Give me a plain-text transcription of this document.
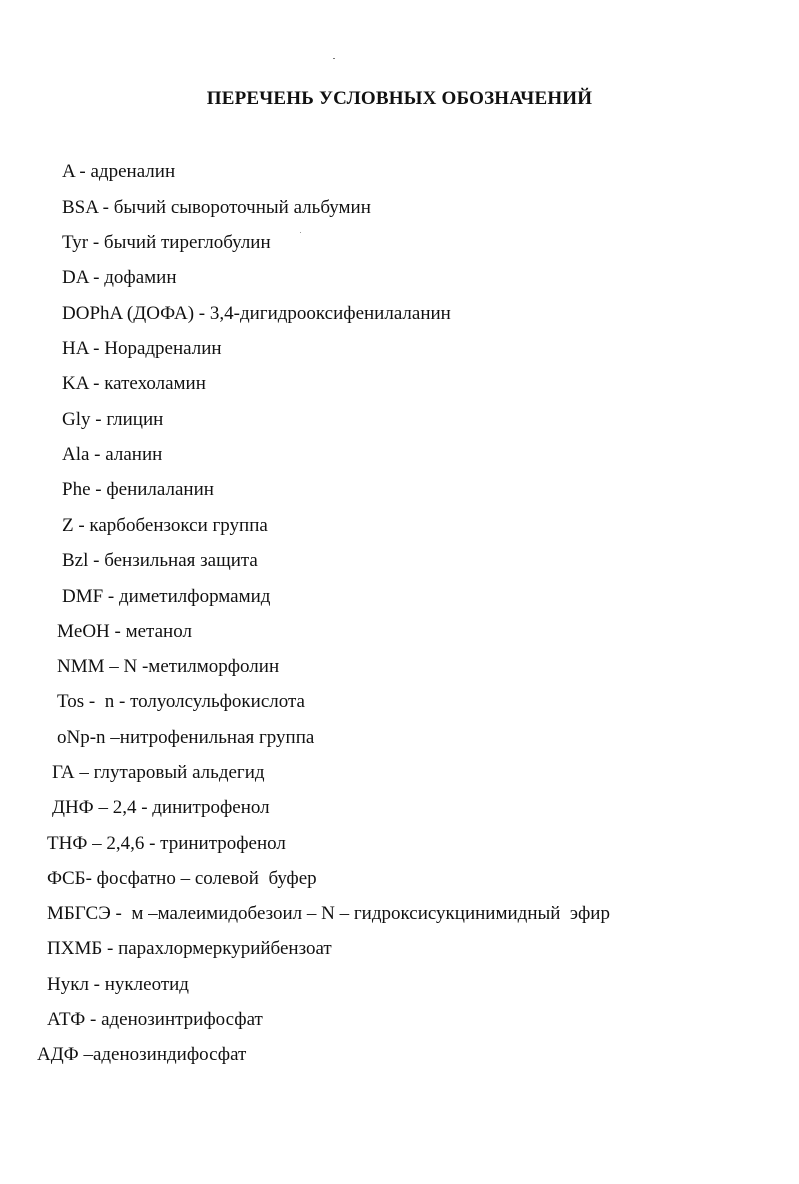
ПЕРЕЧЕНЬ УСЛОВНЫХ ОБОЗНАЧЕНИЙ

A - адреналин

BSA - бычий сывороточный альбумин

Tyr - бычий тиреглобулин

DA - дофамин

DOPhA (ДОФА) - 3,4-дигидрооксифенилаланин

HA - Норадреналин

KA - катехоламин

Gly - глицин

Ala - аланин

Phe - фенилаланин

Z - карбобензокси группа

Bzl - бензильная защита

DMF - диметилформамид

MeOH - метанол

NMM – N -метилморфолин

Tos -  n - толуолсульфокислота

oNp-n –нитрофенильная группа

ГА – глутаровый альдегид

ДНФ – 2,4 - динитрофенол

ТНФ – 2,4,6 - тринитрофенол

ФСБ- фосфатно – солевой  буфер

МБГСЭ -  м –малеимидобезоил – N – гидроксисукцинимидный  эфир

ПХМБ - парахлормеркурийбензоат

Нукл - нуклеотид

АТФ - аденозинтрифосфат

АДФ –аденозиндифосфат
